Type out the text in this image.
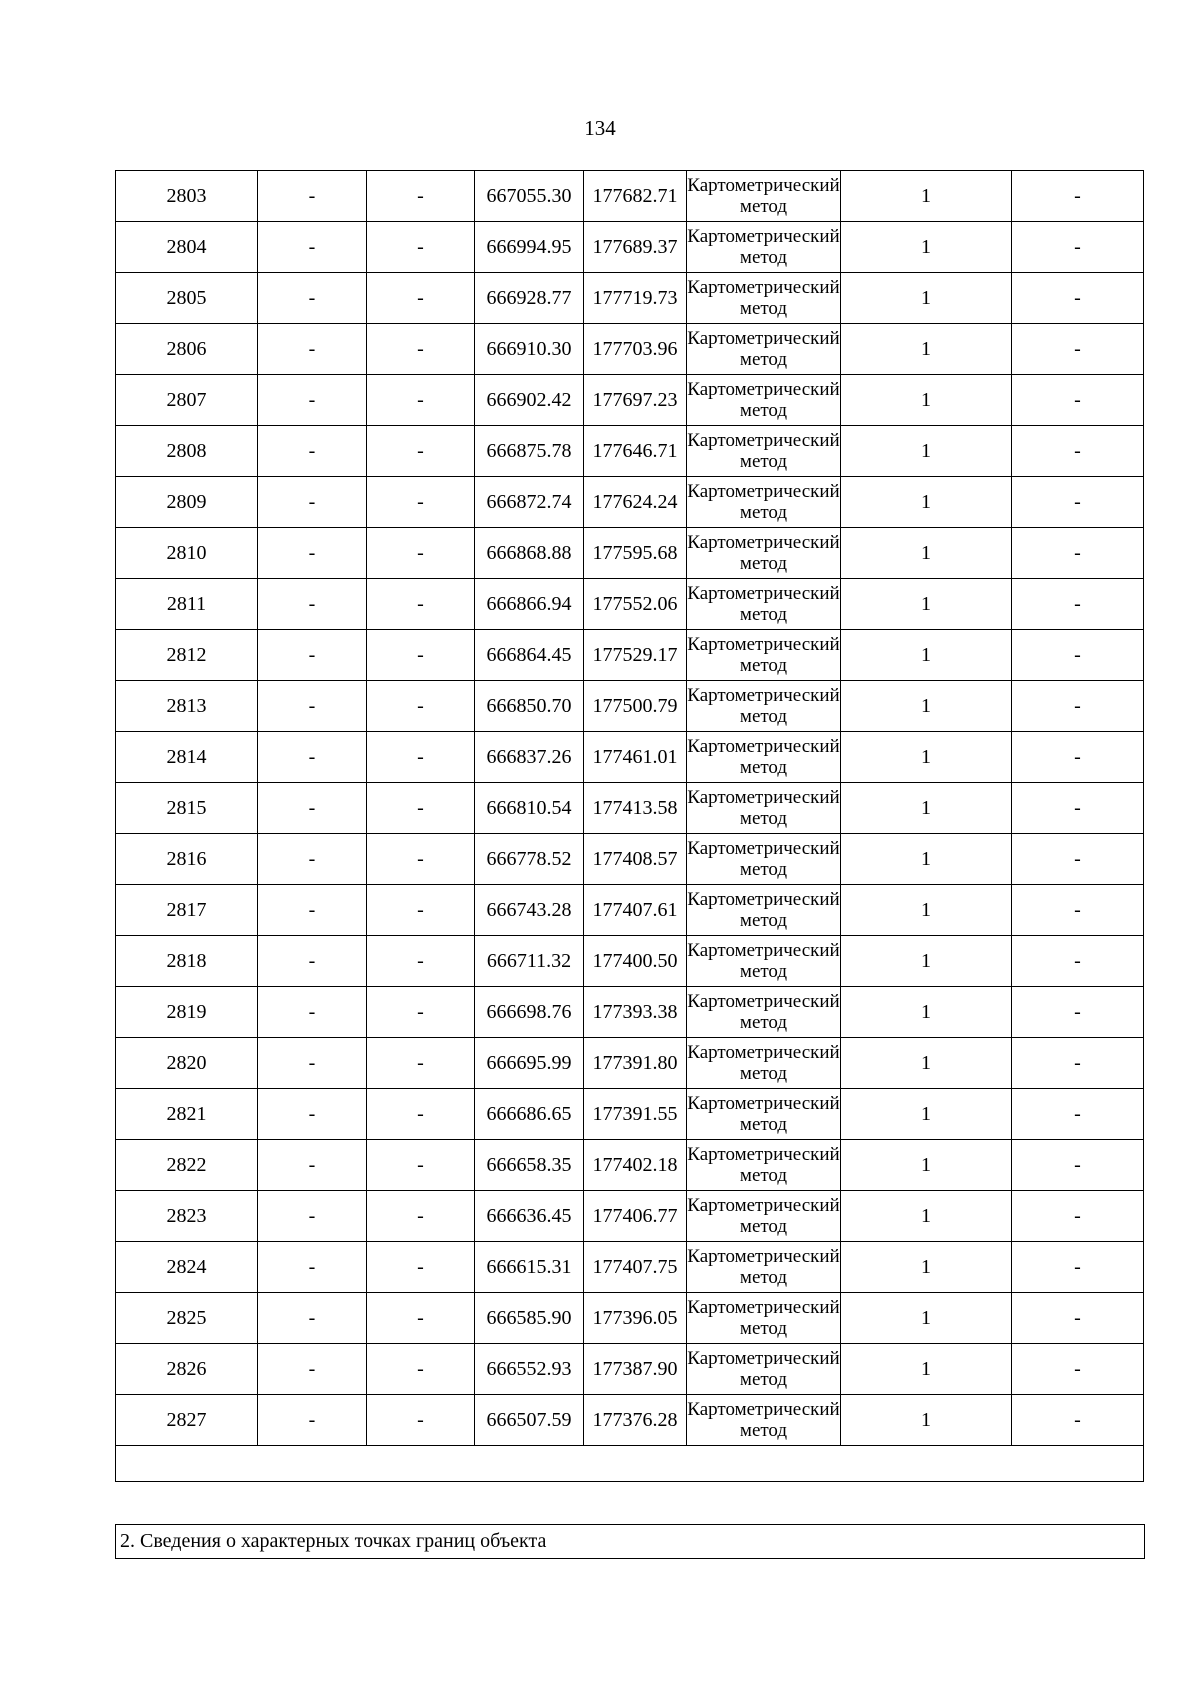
134
2803	-	-	667055.30	177682.71	Картометрический метод	1	-
2804	-	-	666994.95	177689.37	Картометрический метод	1	-
2805	-	-	666928.77	177719.73	Картометрический метод	1	-
2806	-	-	666910.30	177703.96	Картометрический метод	1	-
2807	-	-	666902.42	177697.23	Картометрический метод	1	-
2808	-	-	666875.78	177646.71	Картометрический метод	1	-
2809	-	-	666872.74	177624.24	Картометрический метод	1	-
2810	-	-	666868.88	177595.68	Картометрический метод	1	-
2811	-	-	666866.94	177552.06	Картометрический метод	1	-
2812	-	-	666864.45	177529.17	Картометрический метод	1	-
2813	-	-	666850.70	177500.79	Картометрический метод	1	-
2814	-	-	666837.26	177461.01	Картометрический метод	1	-
2815	-	-	666810.54	177413.58	Картометрический метод	1	-
2816	-	-	666778.52	177408.57	Картометрический метод	1	-
2817	-	-	666743.28	177407.61	Картометрический метод	1	-
2818	-	-	666711.32	177400.50	Картометрический метод	1	-
2819	-	-	666698.76	177393.38	Картометрический метод	1	-
2820	-	-	666695.99	177391.80	Картометрический метод	1	-
2821	-	-	666686.65	177391.55	Картометрический метод	1	-
2822	-	-	666658.35	177402.18	Картометрический метод	1	-
2823	-	-	666636.45	177406.77	Картометрический метод	1	-
2824	-	-	666615.31	177407.75	Картометрический метод	1	-
2825	-	-	666585.90	177396.05	Картометрический метод	1	-
2826	-	-	666552.93	177387.90	Картометрический метод	1	-
2827	-	-	666507.59	177376.28	Картометрический метод	1	-

2. Сведения о характерных точках границ объекта
